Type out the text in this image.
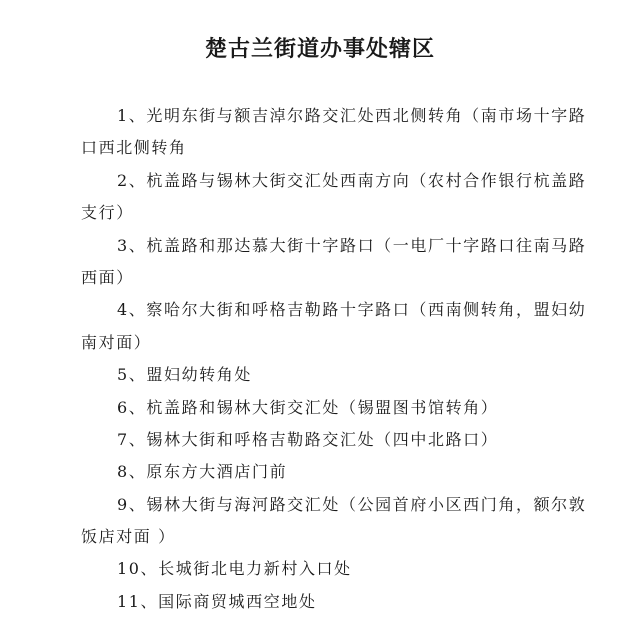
楚古兰街道办事处辖区
1、光明东街与额吉淖尔路交汇处西北侧转角（南市场十字路
口西北侧转角
2、杭盖路与锡林大街交汇处西南方向（农村合作银行杭盖路
支行）
3、杭盖路和那达慕大街十字路口（一电厂十字路口往南马路
西面）
4、察哈尔大街和呼格吉勒路十字路口（西南侧转角，盟妇幼
南对面）
5、盟妇幼转角处
6、杭盖路和锡林大街交汇处（锡盟图书馆转角）
7、锡林大街和呼格吉勒路交汇处（四中北路口）
8、原东方大酒店门前
9、锡林大街与海河路交汇处（公园首府小区西门角，额尔敦
饭店对面 ）
10、长城街北电力新村入口处
11、国际商贸城西空地处
